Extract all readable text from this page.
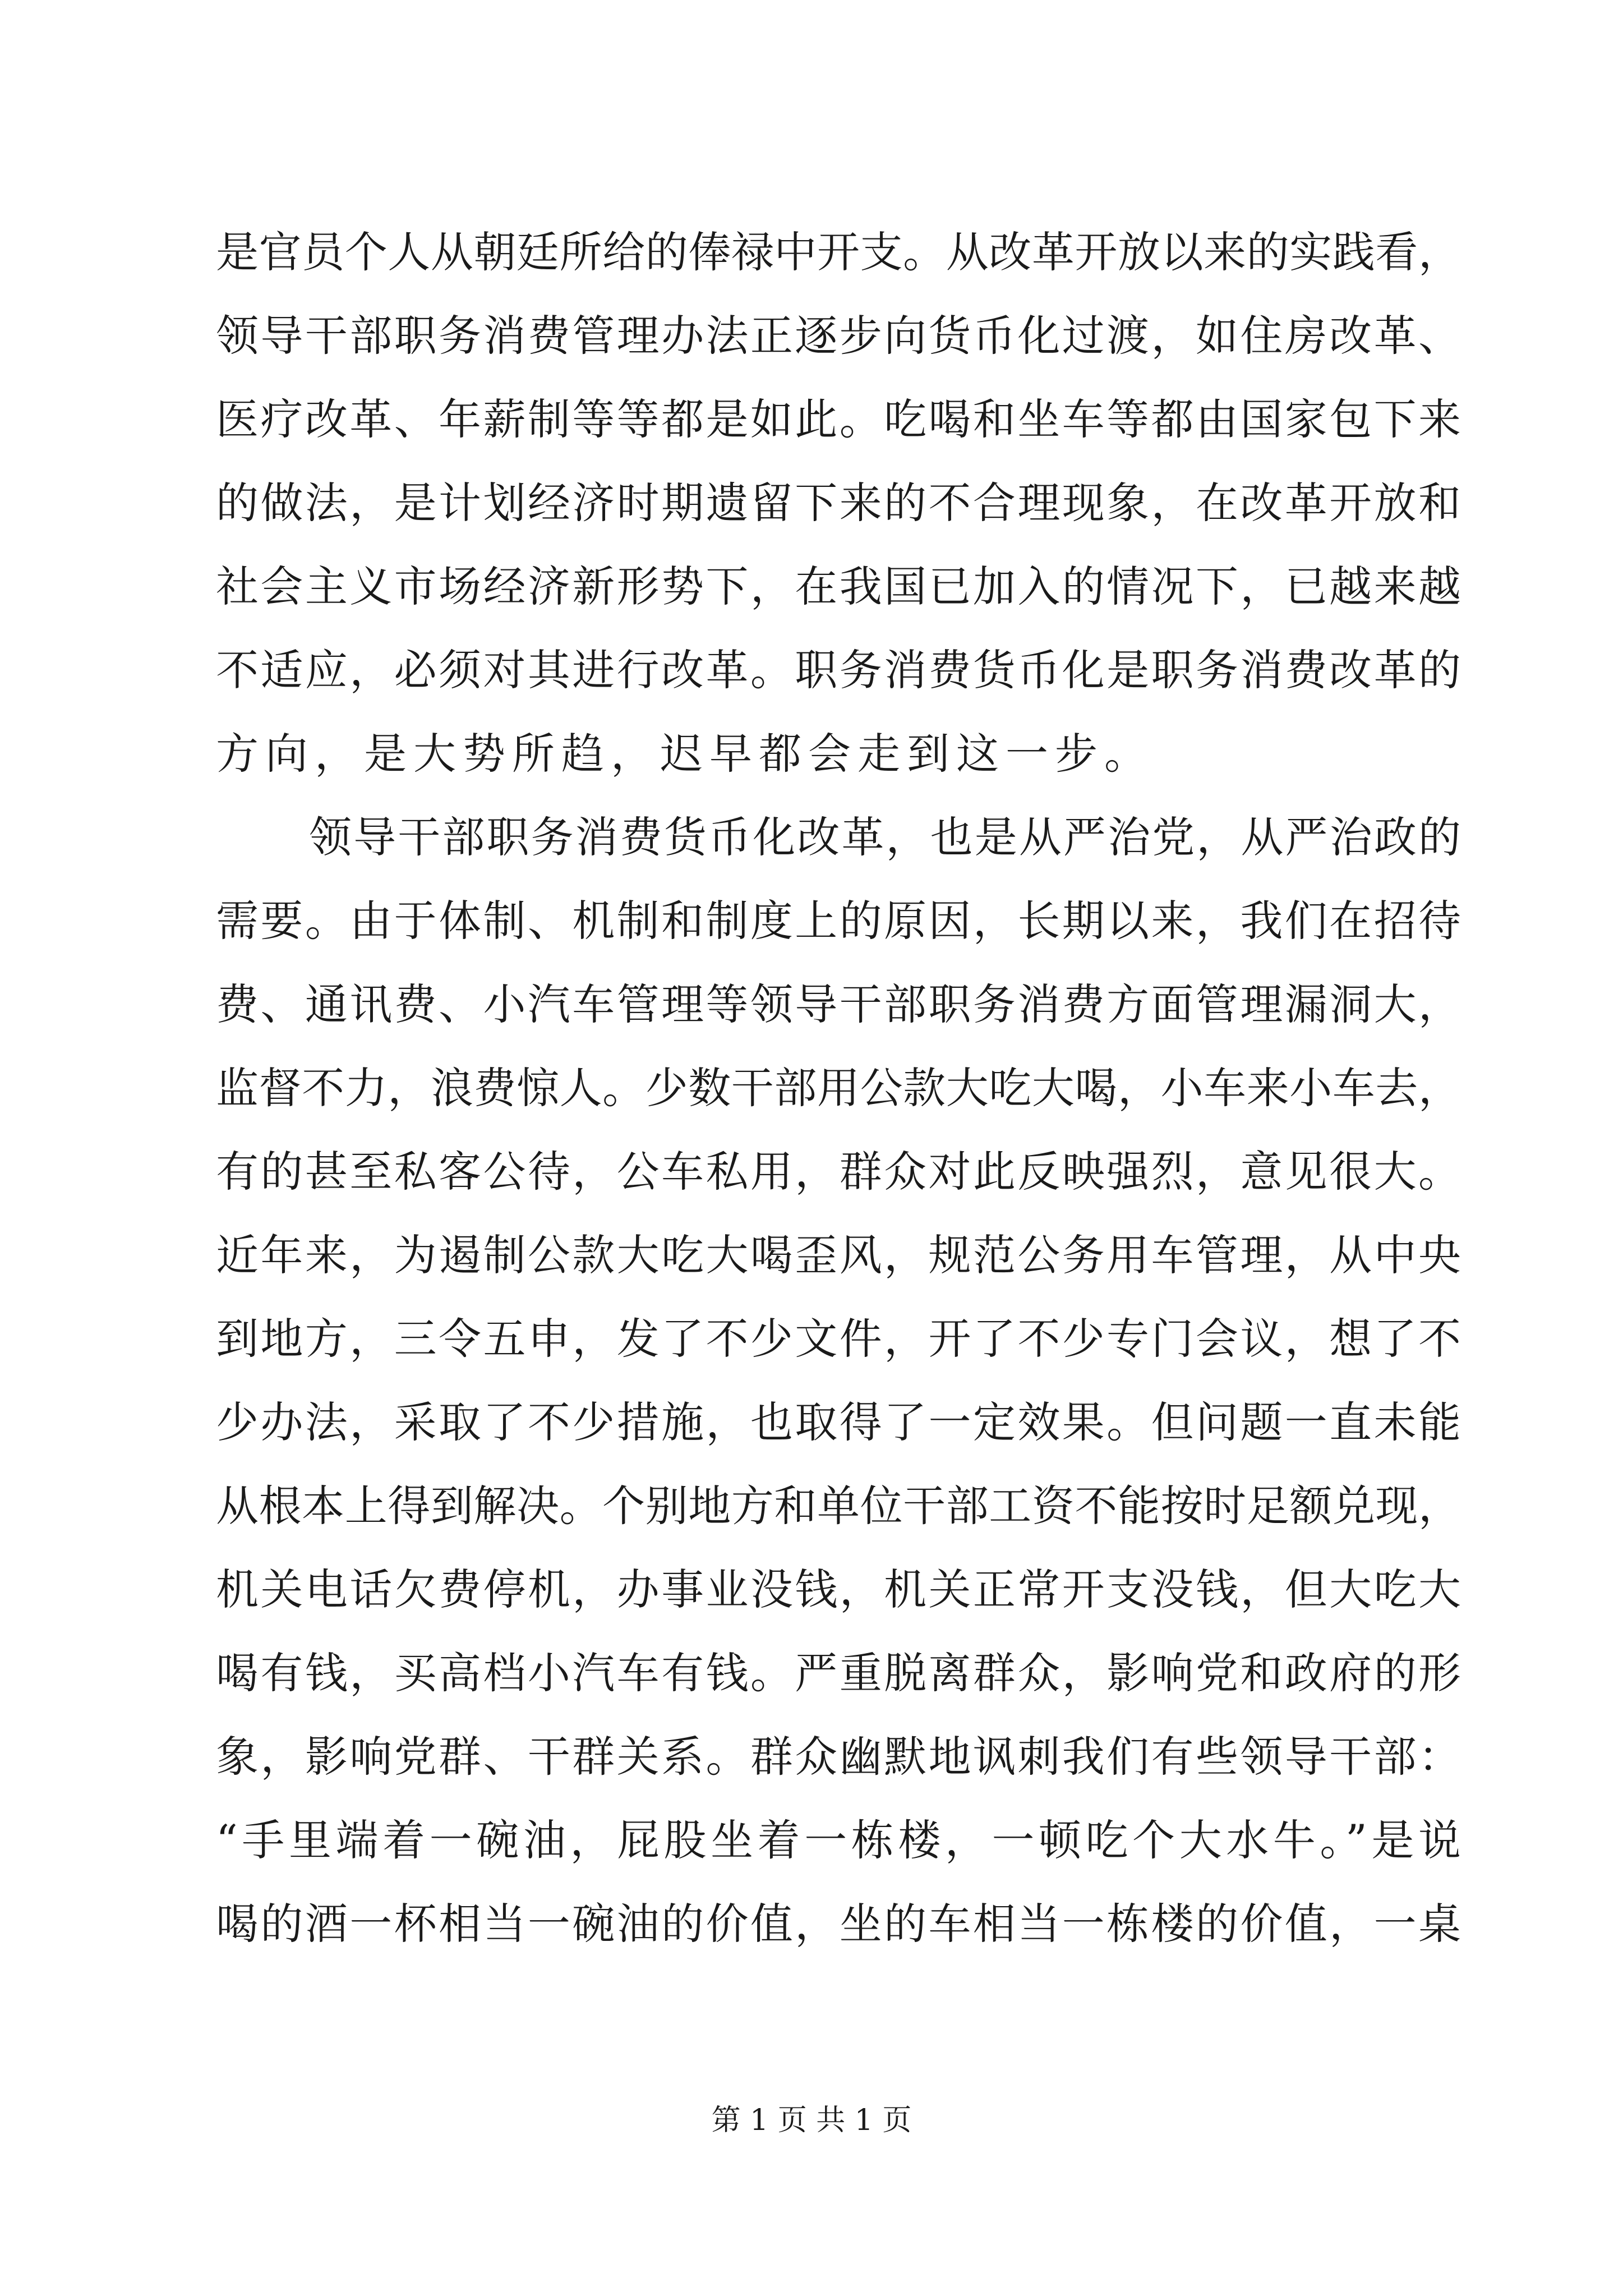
是官员个人从朝廷所给的俸禄中开支。从改革开放以来的实践看，
领导干部职务消费管理办法正逐步向货币化过渡，如住房改革、
医疗改革、年薪制等等都是如此。吃喝和坐车等都由国家包下来
的做法，是计划经济时期遗留下来的不合理现象，在改革开放和
社会主义市场经济新形势下，在我国已加入的情况下，已越来越
不适应，必须对其进行改革。职务消费货币化是职务消费改革的
方向，是大势所趋，迟早都会走到这一步。
领导干部职务消费货币化改革，也是从严治党，从严治政的
需要。由于体制、机制和制度上的原因，长期以来，我们在招待
费、通讯费、小汽车管理等领导干部职务消费方面管理漏洞大，
监督不力，浪费惊人。少数干部用公款大吃大喝，小车来小车去，
有的甚至私客公待，公车私用，群众对此反映强烈，意见很大。
近年来，为遏制公款大吃大喝歪风，规范公务用车管理，从中央
到地方，三令五申，发了不少文件，开了不少专门会议，想了不
少办法，采取了不少措施，也取得了一定效果。但问题一直未能
从根本上得到解决。个别地方和单位干部工资不能按时足额兑现，
机关电话欠费停机，办事业没钱，机关正常开支没钱，但大吃大
喝有钱，买高档小汽车有钱。严重脱离群众，影响党和政府的形
象，影响党群、干群关系。群众幽默地讽刺我们有些领导干部：
“手里端着一碗油，屁股坐着一栋楼，一顿吃个大水牛。”是说
喝的酒一杯相当一碗油的价值，坐的车相当一栋楼的价值，一桌
第 1 页 共 1 页
